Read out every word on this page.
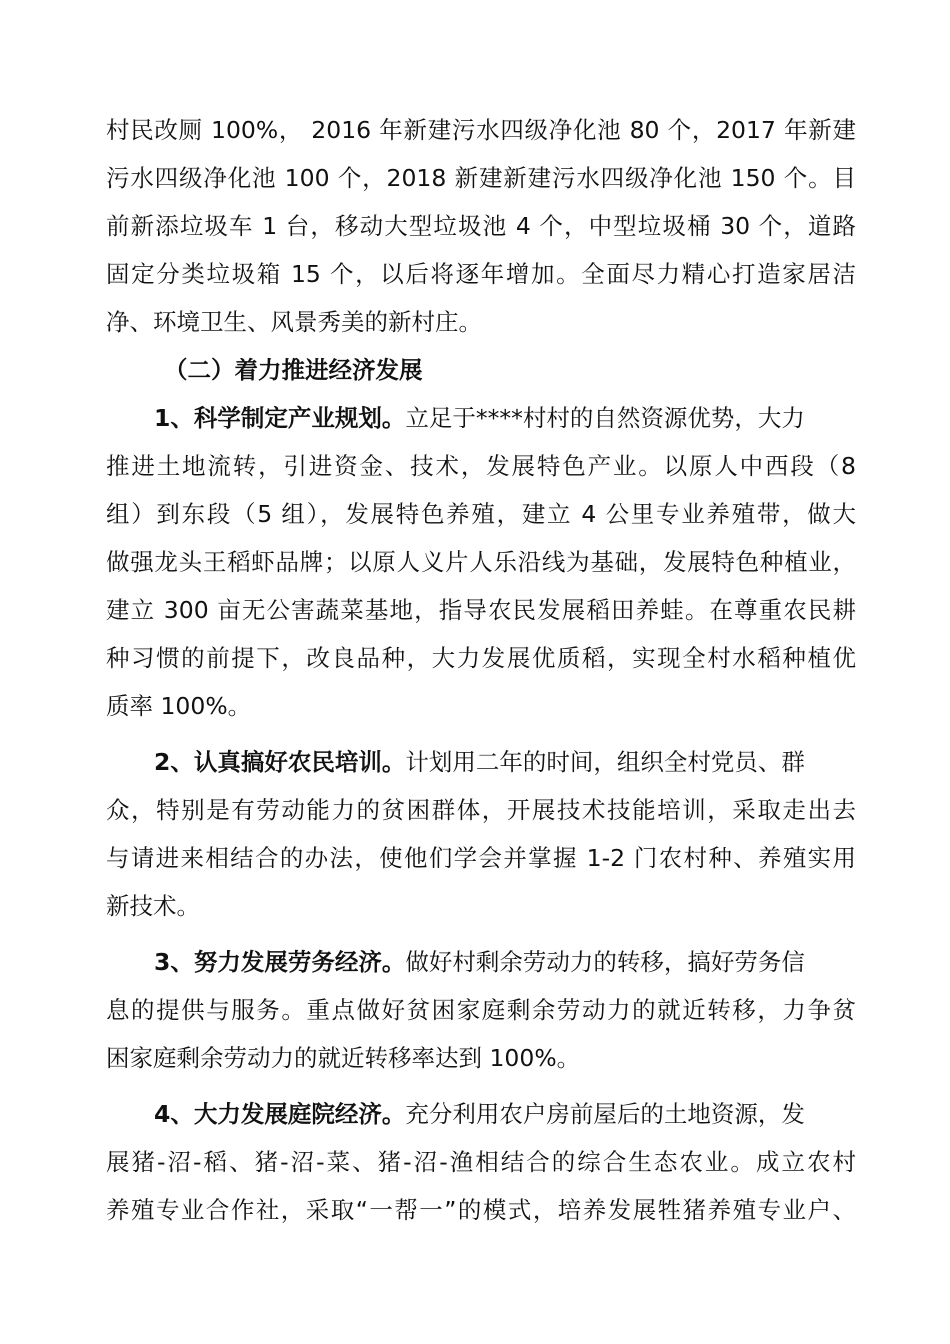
村民改厕 100%， 2016 年新建污水四级净化池 80 个，2017 年新建
污水四级净化池 100 个，2018 新建新建污水四级净化池 150 个。目
前新添垃圾车 1 台，移动大型垃圾池 4 个，中型垃圾桶 30 个，道路
固定分类垃圾箱 15 个，以后将逐年增加。全面尽力精心打造家居洁
净、环境卫生、风景秀美的新村庄。
（二）着力推进经济发展
1、科学制定产业规划。立足于****村村的自然资源优势，大力
推进土地流转，引进资金、技术，发展特色产业。以原人中西段（8
组）到东段（5 组），发展特色养殖，建立 4 公里专业养殖带，做大
做强龙头王稻虾品牌；以原人义片人乐沿线为基础，发展特色种植业，
建立 300 亩无公害蔬菜基地，指导农民发展稻田养蛙。在尊重农民耕
种习惯的前提下，改良品种，大力发展优质稻，实现全村水稻种植优
质率 100%。
2、认真搞好农民培训。计划用二年的时间，组织全村党员、群
众，特别是有劳动能力的贫困群体，开展技术技能培训，采取走出去
与请进来相结合的办法，使他们学会并掌握 1-2 门农村种、养殖实用
新技术。
3、努力发展劳务经济。做好村剩余劳动力的转移，搞好劳务信
息的提供与服务。重点做好贫困家庭剩余劳动力的就近转移，力争贫
困家庭剩余劳动力的就近转移率达到 100%。
4、大力发展庭院经济。充分利用农户房前屋后的土地资源，发
展猪-沼-稻、猪-沼-菜、猪-沼-渔相结合的综合生态农业。成立农村
养殖专业合作社，采取“一帮一”的模式，培养发展牲猪养殖专业户、
